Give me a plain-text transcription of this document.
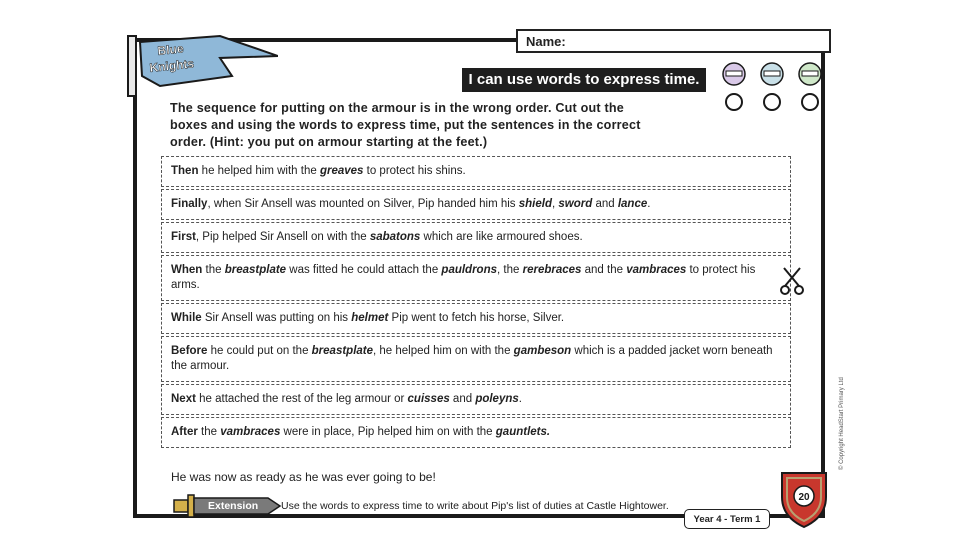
Blue
Knights
Name:
I can use words to express time.
The sequence for putting on the armour is in the wrong order. Cut out the
boxes and using the words to express time, put the sentences in the correct
order. (Hint: you put on armour starting at the feet.)
Then he helped him with the greaves to protect his shins.
Finally, when Sir Ansell was mounted on Silver, Pip handed him his shield, sword and lance.
First, Pip helped Sir Ansell on with the sabatons which are like armoured shoes.
When the breastplate was fitted he could attach the pauldrons, the rerebraces and the vambraces to protect his arms.
While Sir Ansell was putting on his helmet Pip went to fetch his horse, Silver.
Before he could put on the breastplate, he helped him on with the gambeson which is a padded jacket worn beneath the armour.
Next he attached the rest of the leg armour or cuisses and poleyns.
After the vambraces were in place, Pip helped him on with the gauntlets.
He was now as ready as he was ever going to be!
Extension Use the words to express time to write about Pip's list of duties at Castle Hightower.
Year 4 - Term 1
© Copyright HeadStart Primary Ltd
20
